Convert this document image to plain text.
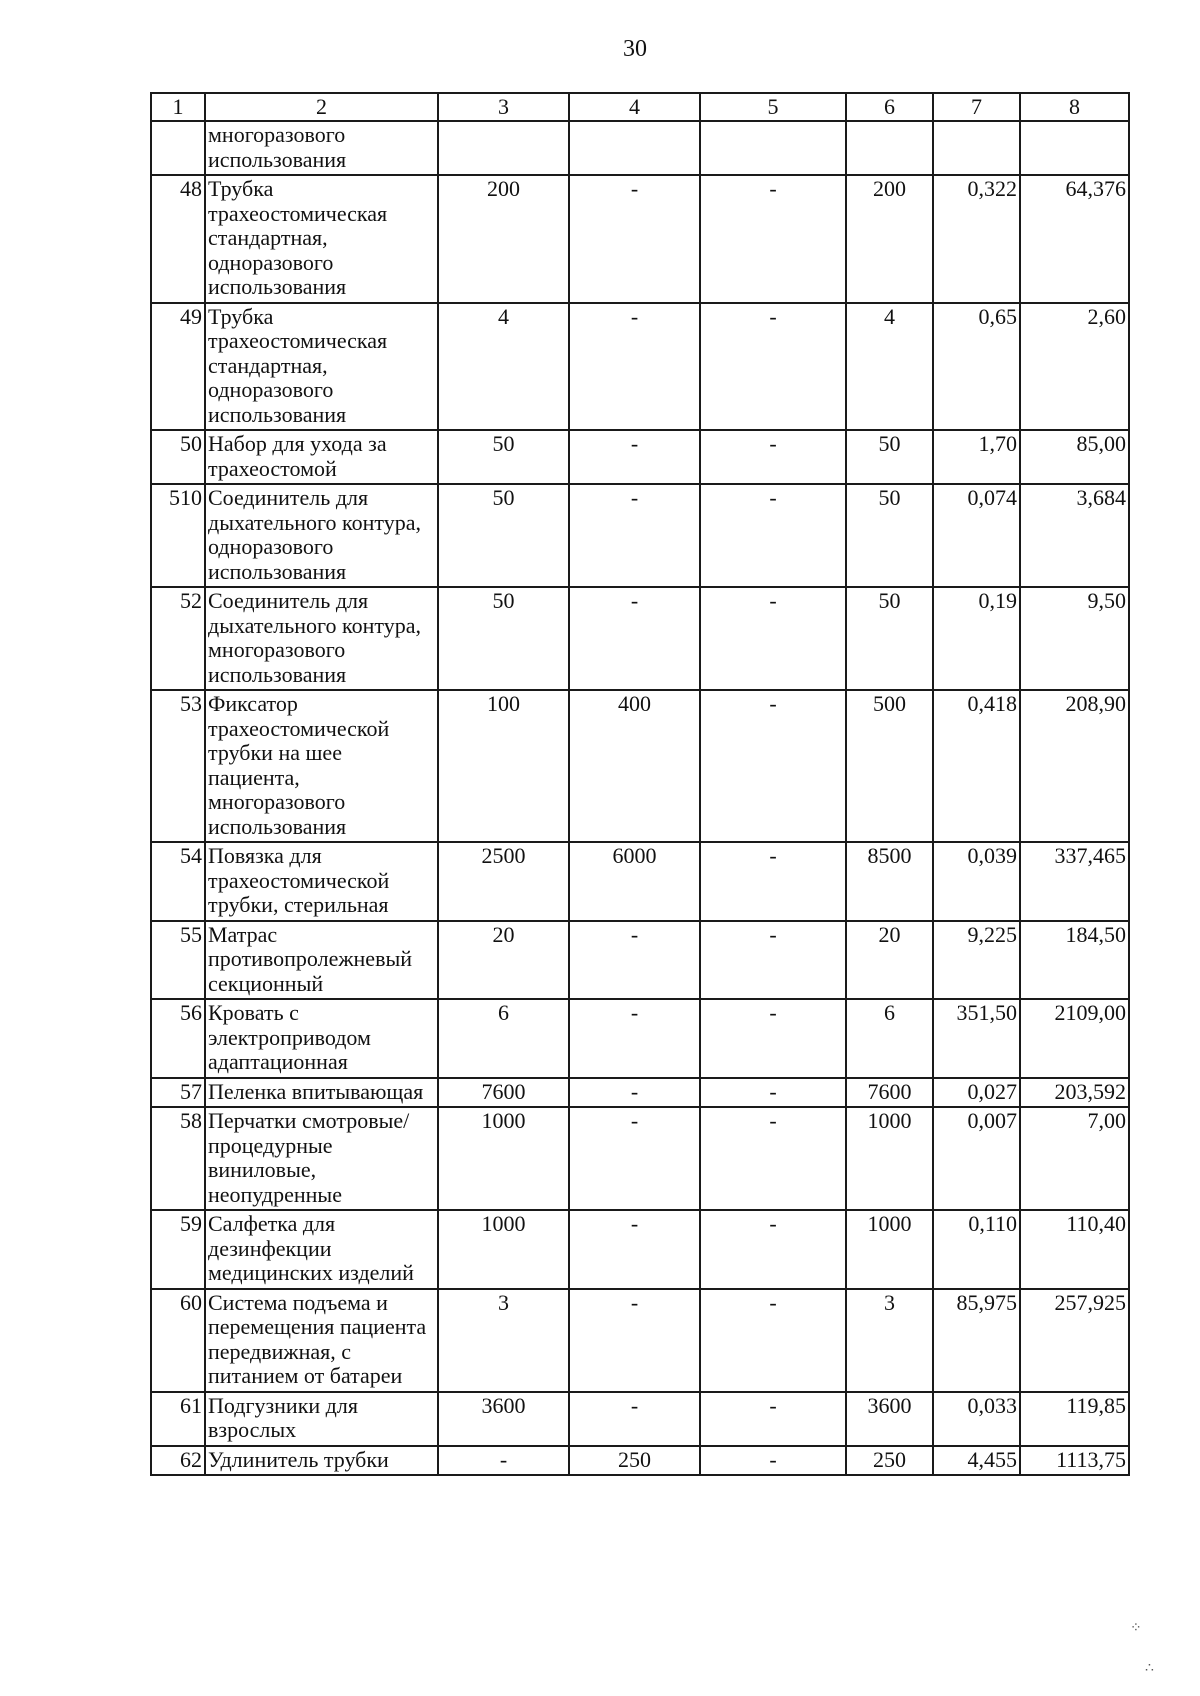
30
1	2	3	4	5	6	7	8
	многоразового использования						
48	Трубка трахеостомическая стандартная, одноразового использования	200	-	-	200	0,322	64,376
49	Трубка трахеостомическая стандартная, одноразового использования	4	-	-	4	0,65	2,60
50	Набор для ухода за трахеостомой	50	-	-	50	1,70	85,00
510	Соединитель для дыхательного контура, одноразового использования	50	-	-	50	0,074	3,684
52	Соединитель для дыхательного контура, многоразового использования	50	-	-	50	0,19	9,50
53	Фиксатор трахеостомической трубки на шее пациента, многоразового использования	100	400	-	500	0,418	208,90
54	Повязка для трахеостомической трубки, стерильная	2500	6000	-	8500	0,039	337,465
55	Матрас противопролежневый секционный	20	-	-	20	9,225	184,50
56	Кровать с электроприводом адаптационная	6	-	-	6	351,50	2109,00
57	Пеленка впитывающая	7600	-	-	7600	0,027	203,592
58	Перчатки смотровые/процедурные виниловые, неопудренные	1000	-	-	1000	0,007	7,00
59	Салфетка для дезинфекции медицинских изделий	1000	-	-	1000	0,110	110,40
60	Система подъема и перемещения пациента передвижная, с питанием от батареи	3	-	-	3	85,975	257,925
61	Подгузники для взрослых	3600	-	-	3600	0,033	119,85
62	Удлинитель трубки	-	250	-	250	4,455	1113,75
⁘
∴
